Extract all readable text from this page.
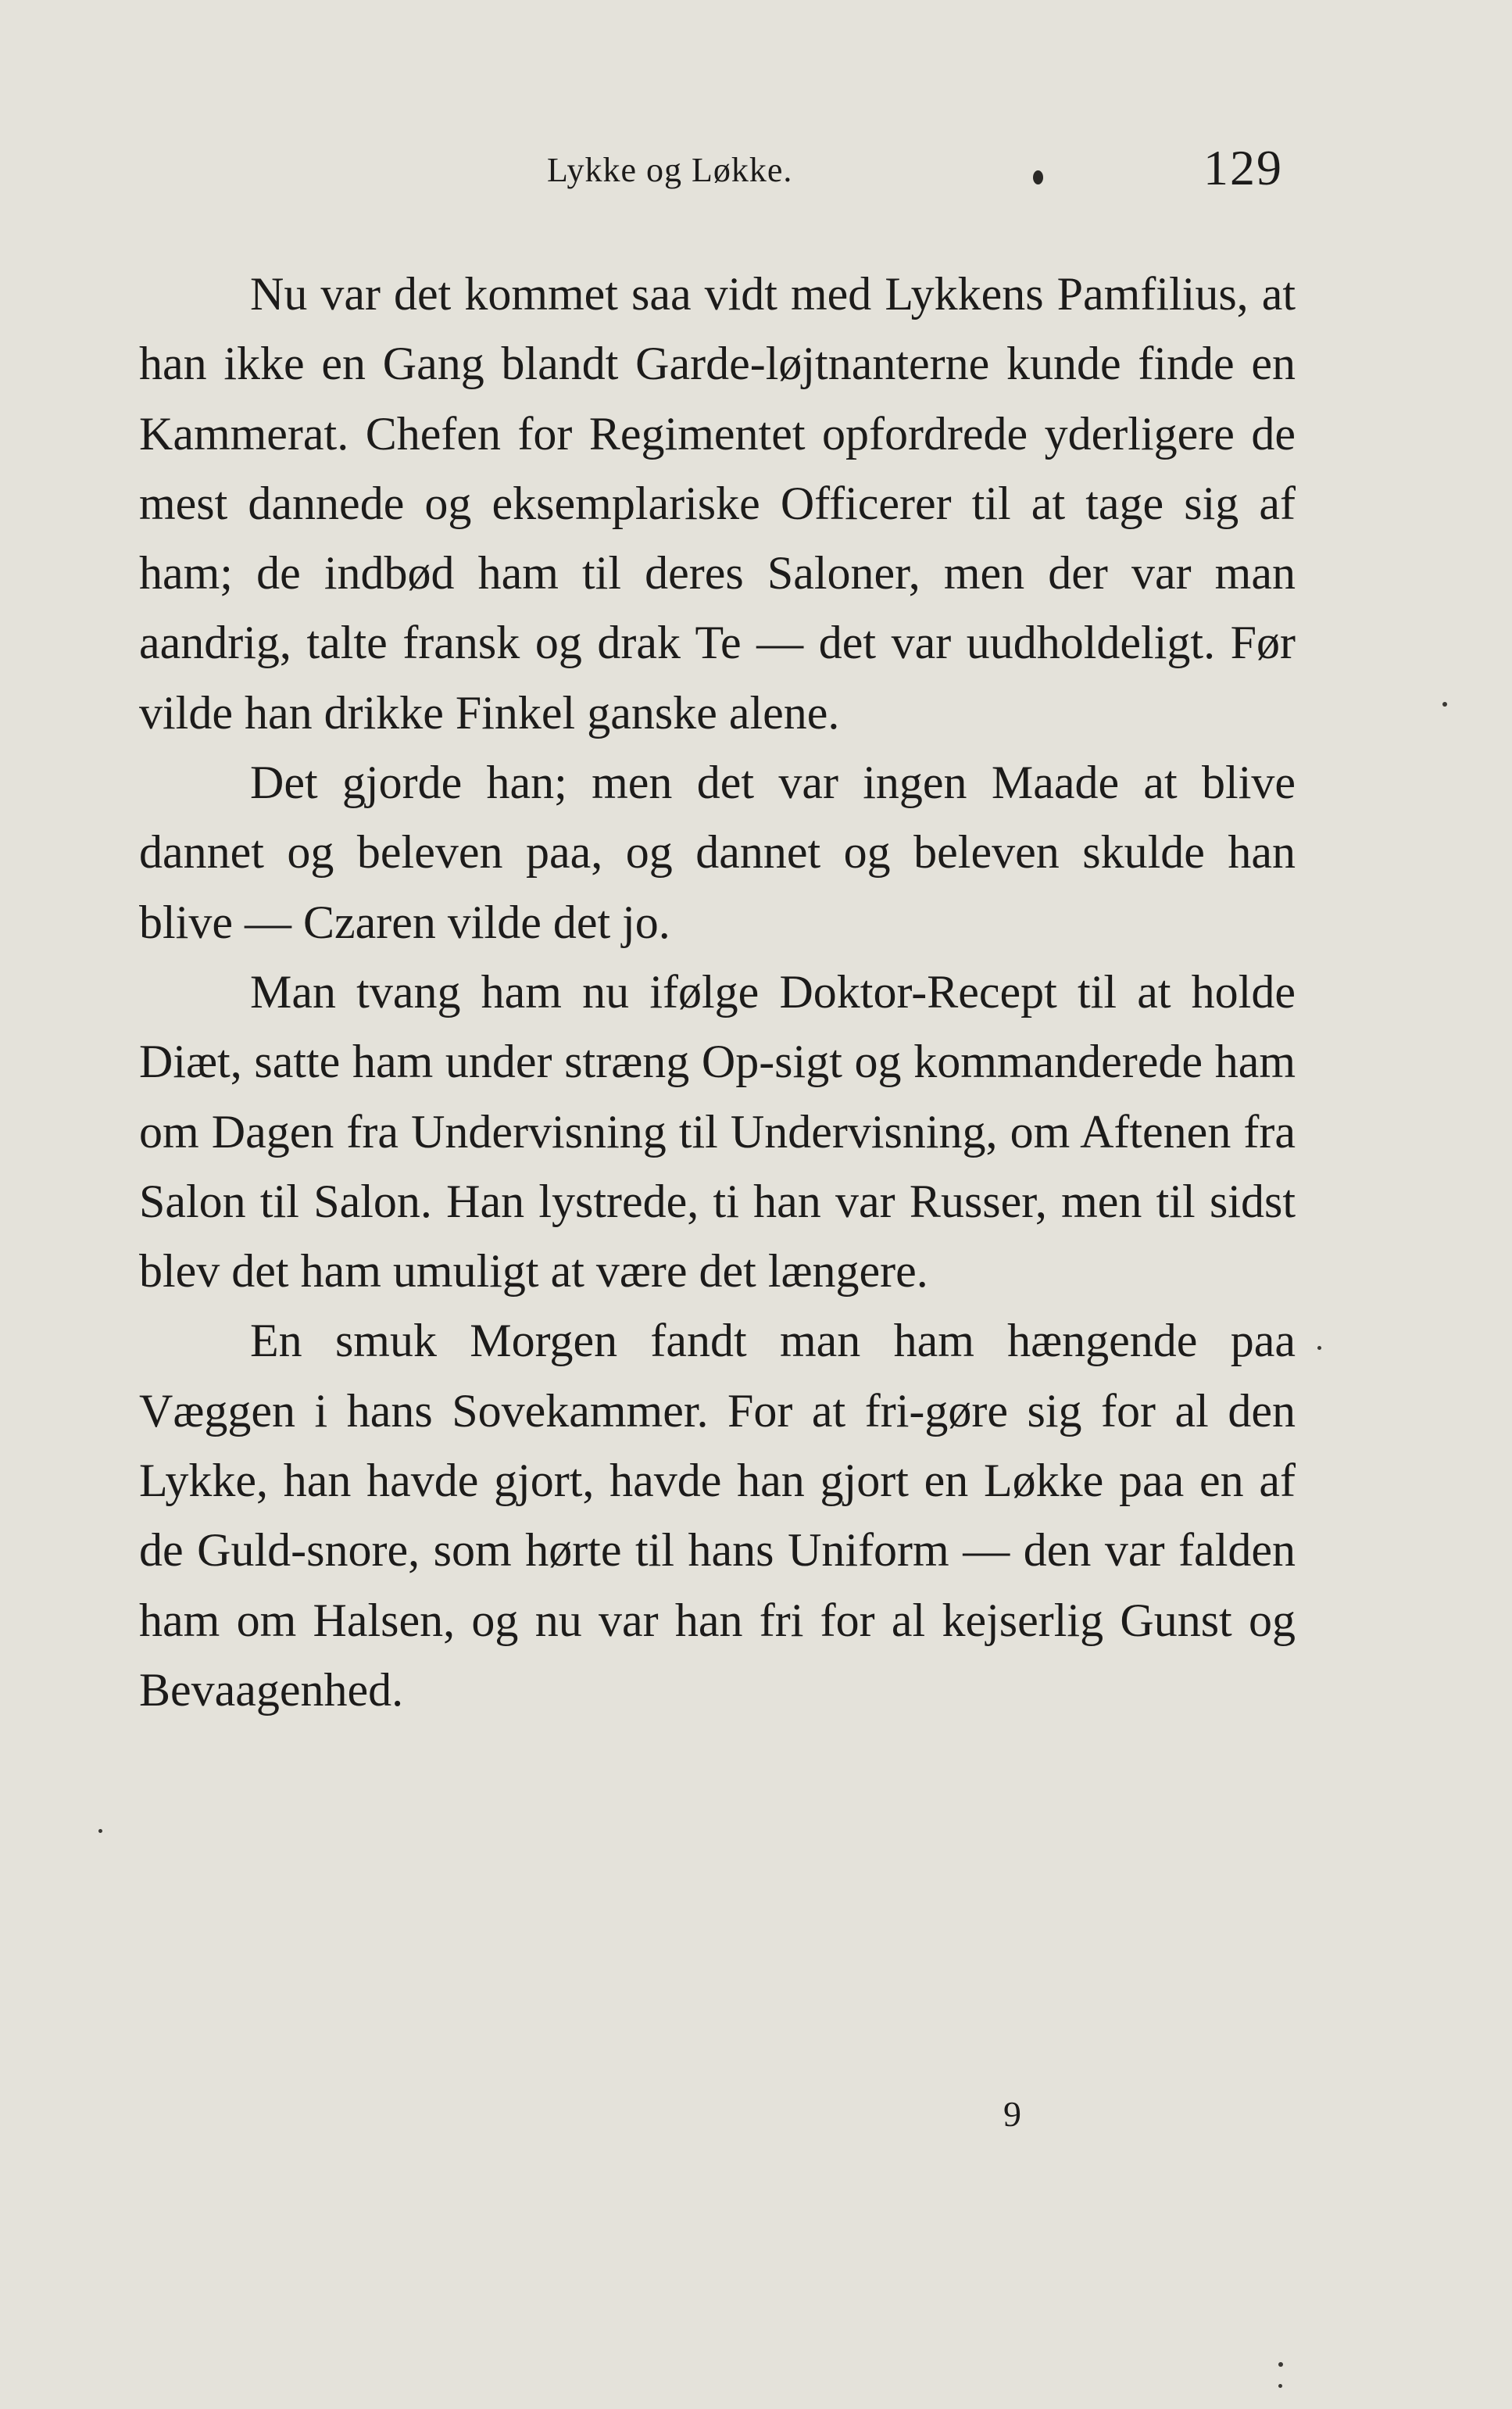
Lykke og Løkke.	129

Nu var det kommet saa vidt med Lykkens Pamfilius, at han ikke en Gang blandt Garde-løjtnanterne kunde finde en Kammerat. Chefen for Regimentet opfordrede yderligere de mest dannede og eksemplariske Officerer til at tage sig af ham; de indbød ham til deres Saloner, men der var man aandrig, talte fransk og drak Te — det var uudholdeligt. Før vilde han drikke Finkel ganske alene.

Det gjorde han; men det var ingen Maade at blive dannet og beleven paa, og dannet og beleven skulde han blive — Czaren vilde det jo.

Man tvang ham nu ifølge Doktor-Recept til at holde Diæt, satte ham under stræng Op-sigt og kommanderede ham om Dagen fra Undervisning til Undervisning, om Aftenen fra Salon til Salon. Han lystrede, ti han var Russer, men til sidst blev det ham umuligt at være det længere.

En smuk Morgen fandt man ham hængende paa Væggen i hans Sovekammer. For at fri-gøre sig for al den Lykke, han havde gjort, havde han gjort en Løkke paa en af de Guld-snore, som hørte til hans Uniform — den var falden ham om Halsen, og nu var han fri for al kejserlig Gunst og Bevaagenhed.

9
